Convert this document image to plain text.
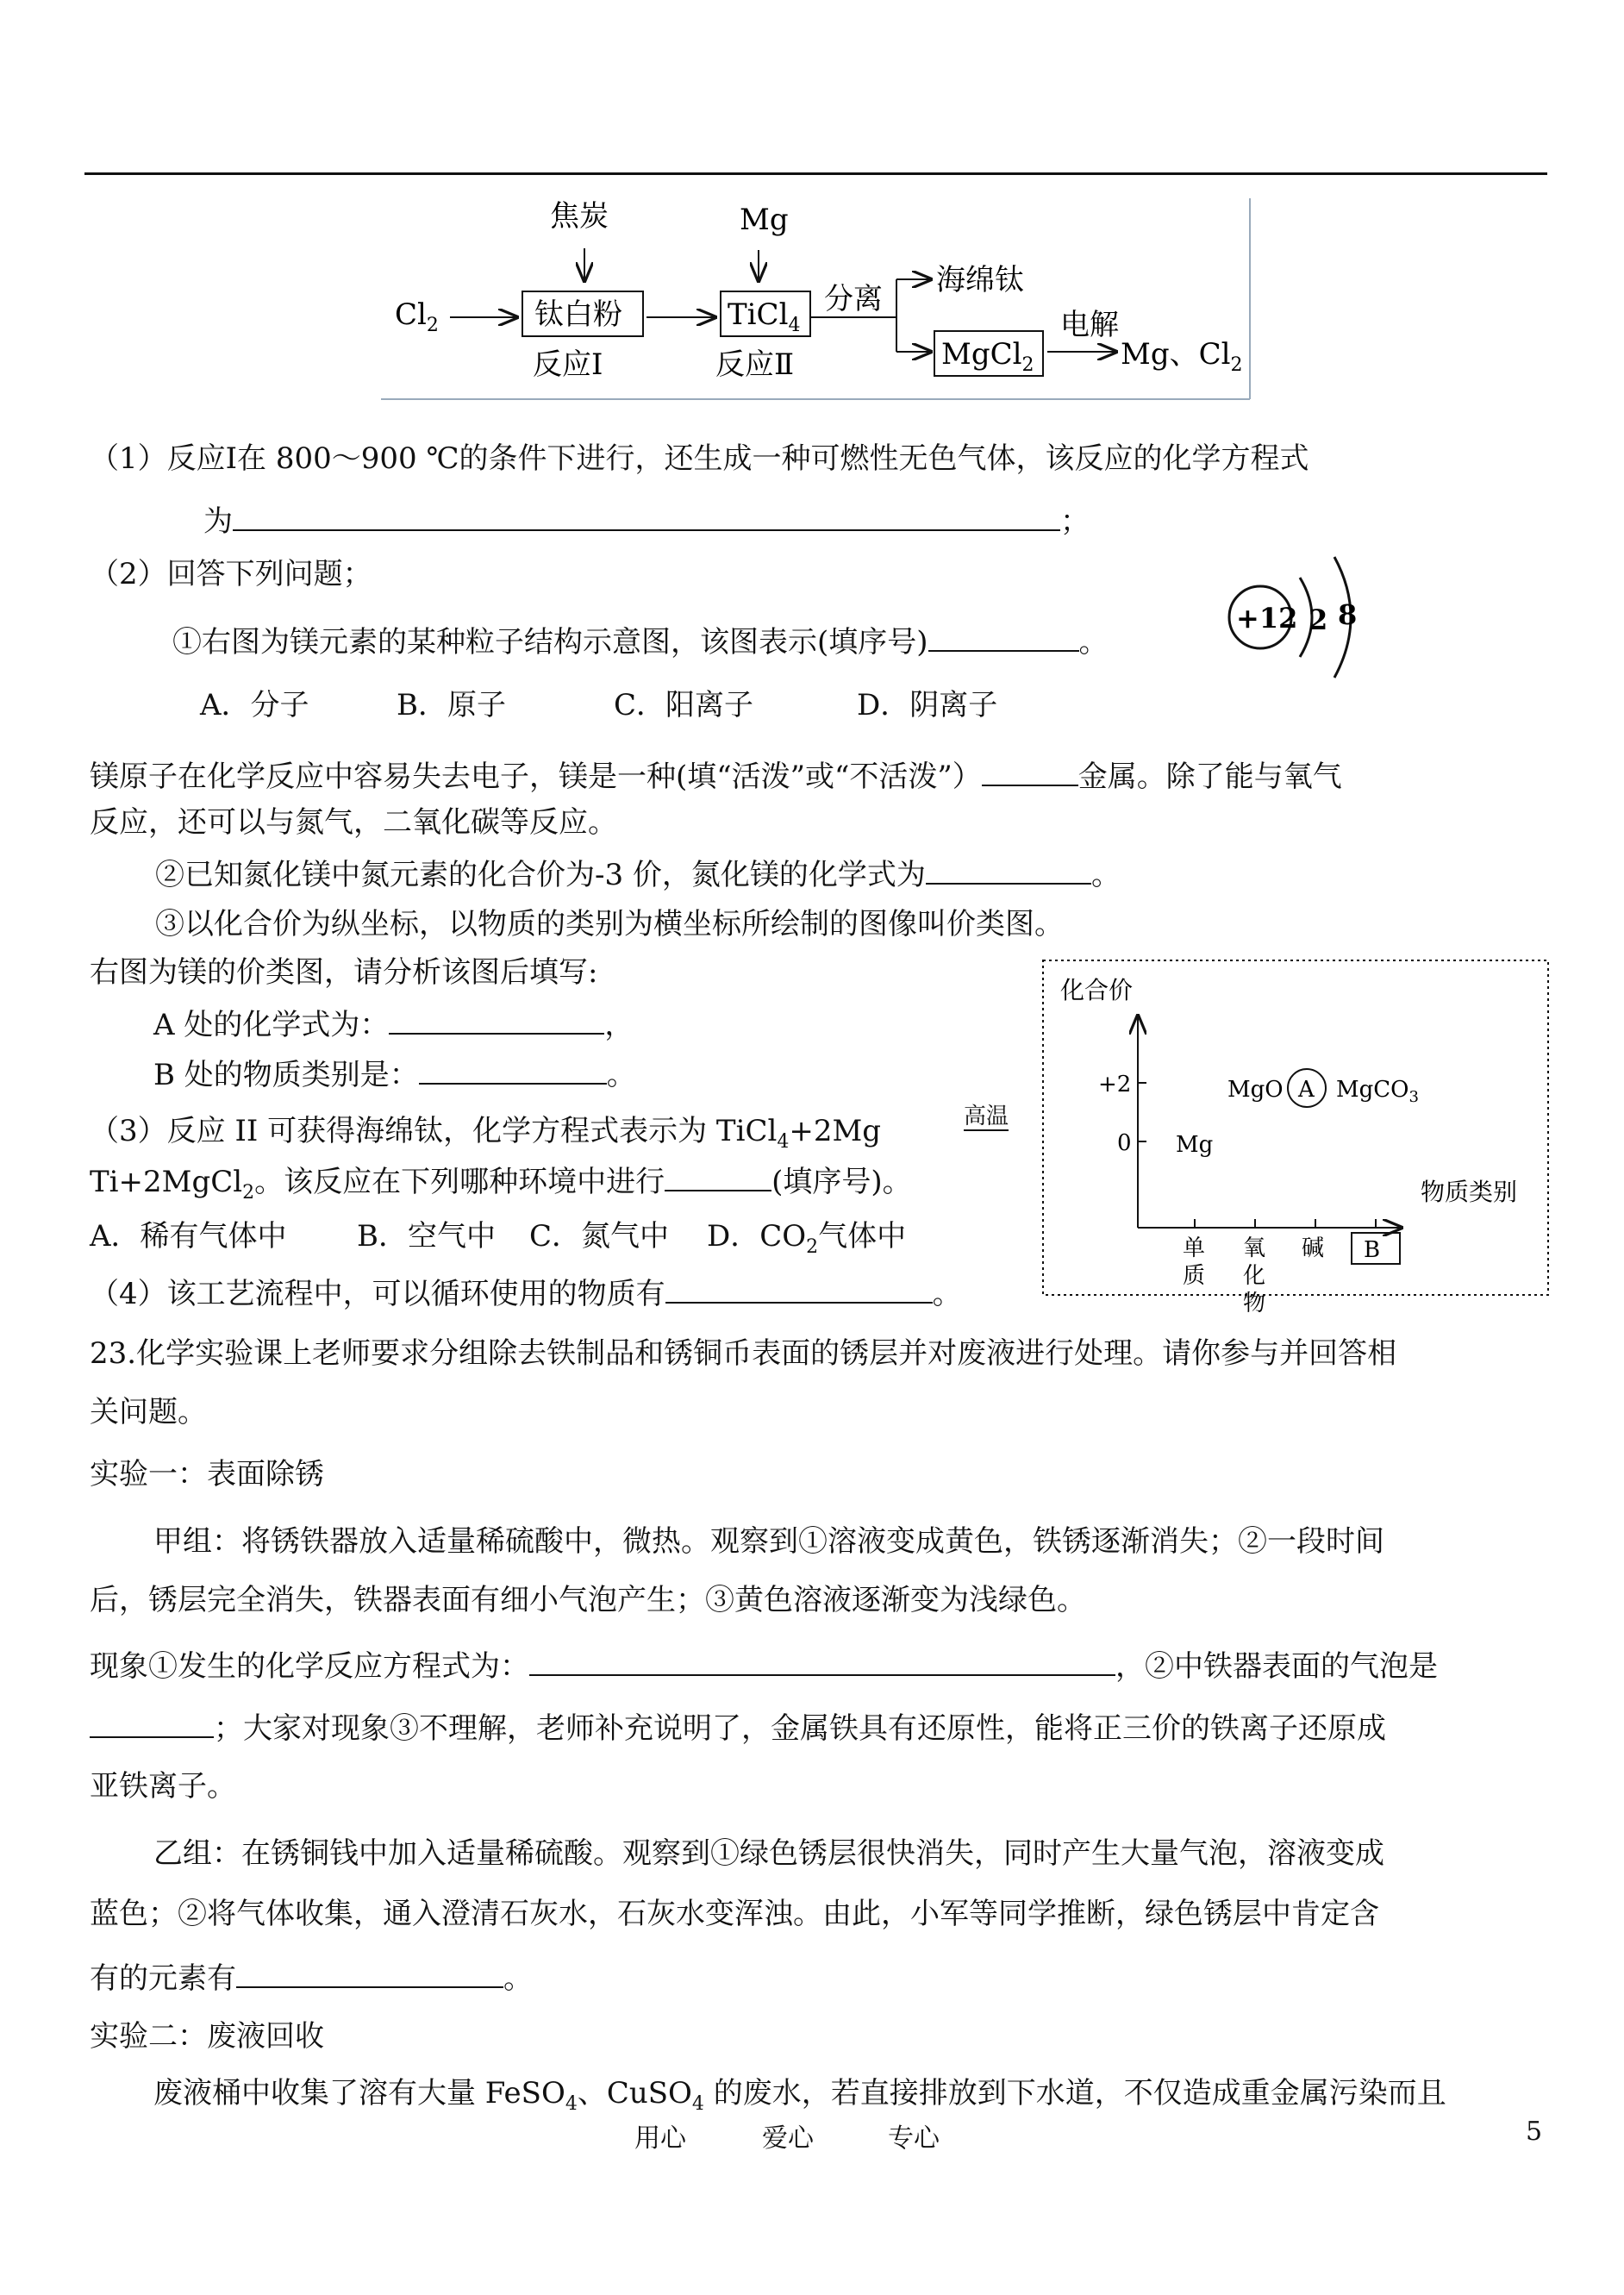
$Cl_2$
焦炭
钛白粉
反应Ⅰ
Mg
TiCl$_4$
反应Ⅱ
分离
海绵钛
MgCl$_2$
电解
Mg、$Cl_2$
（1）反应Ⅰ在 800～900 ℃的条件下进行，还生成一种可燃性无色气体，该反应的化学方程式
为	；
（2）回答下列问题；
①右图为镁元素的某种粒子结构示意图，该图表示(填序号)	。
+12 2 8
A．分子	B．原子	C．阳离子	D．阴离子
镁原子在化学反应中容易失去电子，镁是一种(填“活泼”或“不活泼”）	金属。除了能与氧气
反应，还可以与氮气，二氧化碳等反应。
②已知氮化镁中氮元素的化合价为-3 价，氮化镁的化学式为	。
③以化合价为纵坐标，以物质的类别为横坐标所绘制的图像叫价类图。
右图为镁的价类图，请分析该图后填写:
A 处的化学式为：	，
B 处的物质类别是：	。
化合价
物质类别
+2
0
MgO A MgCO$_3$
Mg
单
质
氧
化
物
碱 B
（3）反应 II 可获得海绵钛，化学方程式表示为 TiCl$_4$+2Mg	高温
Ti+2MgCl$_2$。该反应在下列哪种环境中进行	(填序号)。
A．稀有气体中 B．空气中 C．氮气中 D．$CO_2$气体中
（4）该工艺流程中，可以循环使用的物质有	。
23.化学实验课上老师要求分组除去铁制品和锈铜币表面的锈层并对废液进行处理。请你参与并回答相
关问题。
实验一：表面除锈
甲组：将锈铁器放入适量稀硫酸中，微热。观察到①溶液变成黄色，铁锈逐渐消失；②一段时间
后，锈层完全消失，铁器表面有细小气泡产生；③黄色溶液逐渐变为浅绿色。
现象①发生的化学反应方程式为：	，②中铁器表面的气泡是
；大家对现象③不理解，老师补充说明了，金属铁具有还原性，能将正三价的铁离子还原成
亚铁离子。
乙组：在锈铜钱中加入适量稀硫酸。观察到①绿色锈层很快消失，同时产生大量气泡，溶液变成
蓝色；②将气体收集，通入澄清石灰水，石灰水变浑浊。由此，小军等同学推断，绿色锈层中肯定含
有的元素有	。
实验二：废液回收
废液桶中收集了溶有大量 FeSO$_4$、CuSO$_4$ 的废水，若直接排放到下水道，不仅造成重金属污染而且
用心	爱心	专心	5
